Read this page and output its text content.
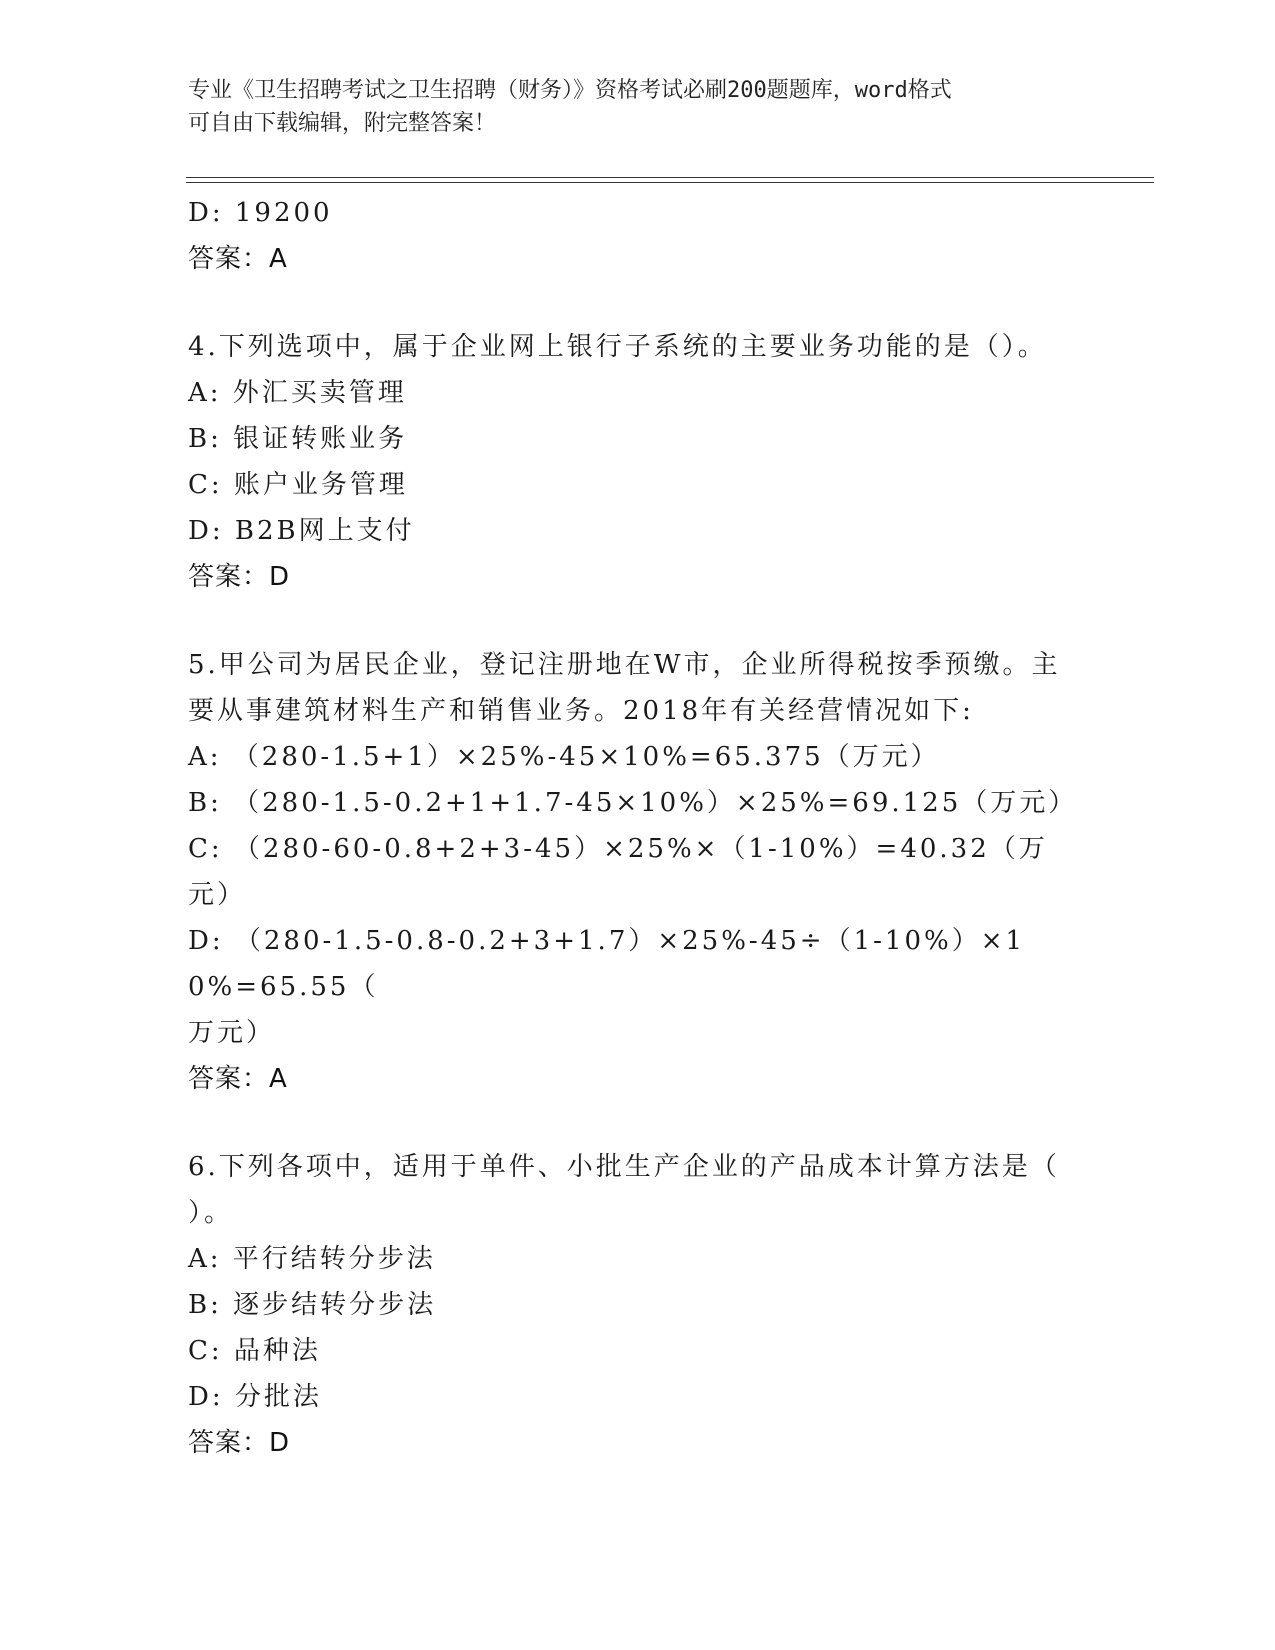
专业《卫生招聘考试之卫生招聘（财务）》资格考试必刷200题题库，word格式
可自由下载编辑，附完整答案！
D: 19200
答案：A
4.下列选项中，属于企业网上银行子系统的主要业务功能的是（）。
A: 外汇买卖管理
B: 银证转账业务
C: 账户业务管理
D: B2B网上支付
答案：D
5.甲公司为居民企业，登记注册地在W市，企业所得税按季预缴。主
要从事建筑材料生产和销售业务。2018年有关经营情况如下:
A: （280-1.5+1）×25%-45×10%=65.375（万元）
B: （280-1.5-0.2+1+1.7-45×10%）×25%=69.125（万元）
C: （280-60-0.8+2+3-45）×25%×（1-10%）=40.32（万元）
D: （280-1.5-0.8-0.2+3+1.7）×25%-45÷（1-10%）×10%=65.55（
万元）
答案：A
6.下列各项中，适用于单件、小批生产企业的产品成本计算方法是（
）。
A: 平行结转分步法
B: 逐步结转分步法
C: 品种法
D: 分批法
答案：D
